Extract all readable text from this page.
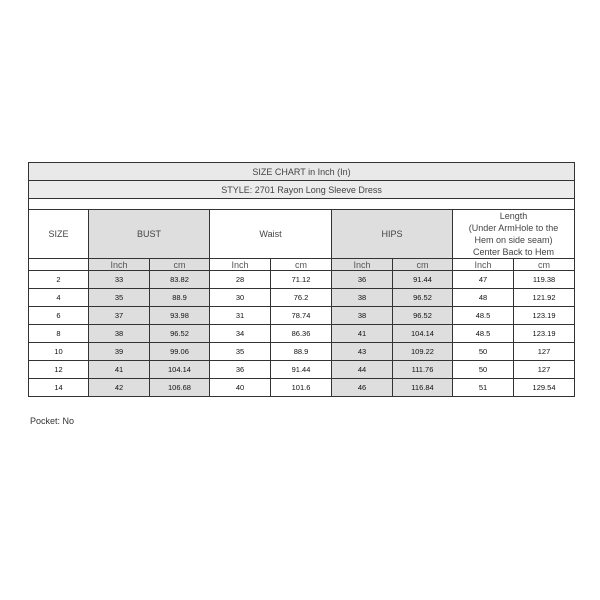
SIZE CHART in Inch (In)								
STYLE: 2701 Rayon Long Sleeve Dress								

SIZE	BUST		Waist		HIPS		Length
(Under ArmHole to the
Hem on side seam)
Center Back to Hem	

	Inch	cm	Inch	cm	Inch	cm	Inch	cm
2	33	83.82	28	71.12	36	91.44	47	119.38
4	35	88.9	30	76.2	38	96.52	48	121.92
6	37	93.98	31	78.74	38	96.52	48.5	123.19
8	38	96.52	34	86.36	41	104.14	48.5	123.19
10	39	99.06	35	88.9	43	109.22	50	127
12	41	104.14	36	91.44	44	111.76	50	127
14	42	106.68	40	101.6	46	116.84	51	129.54
Pocket: No
